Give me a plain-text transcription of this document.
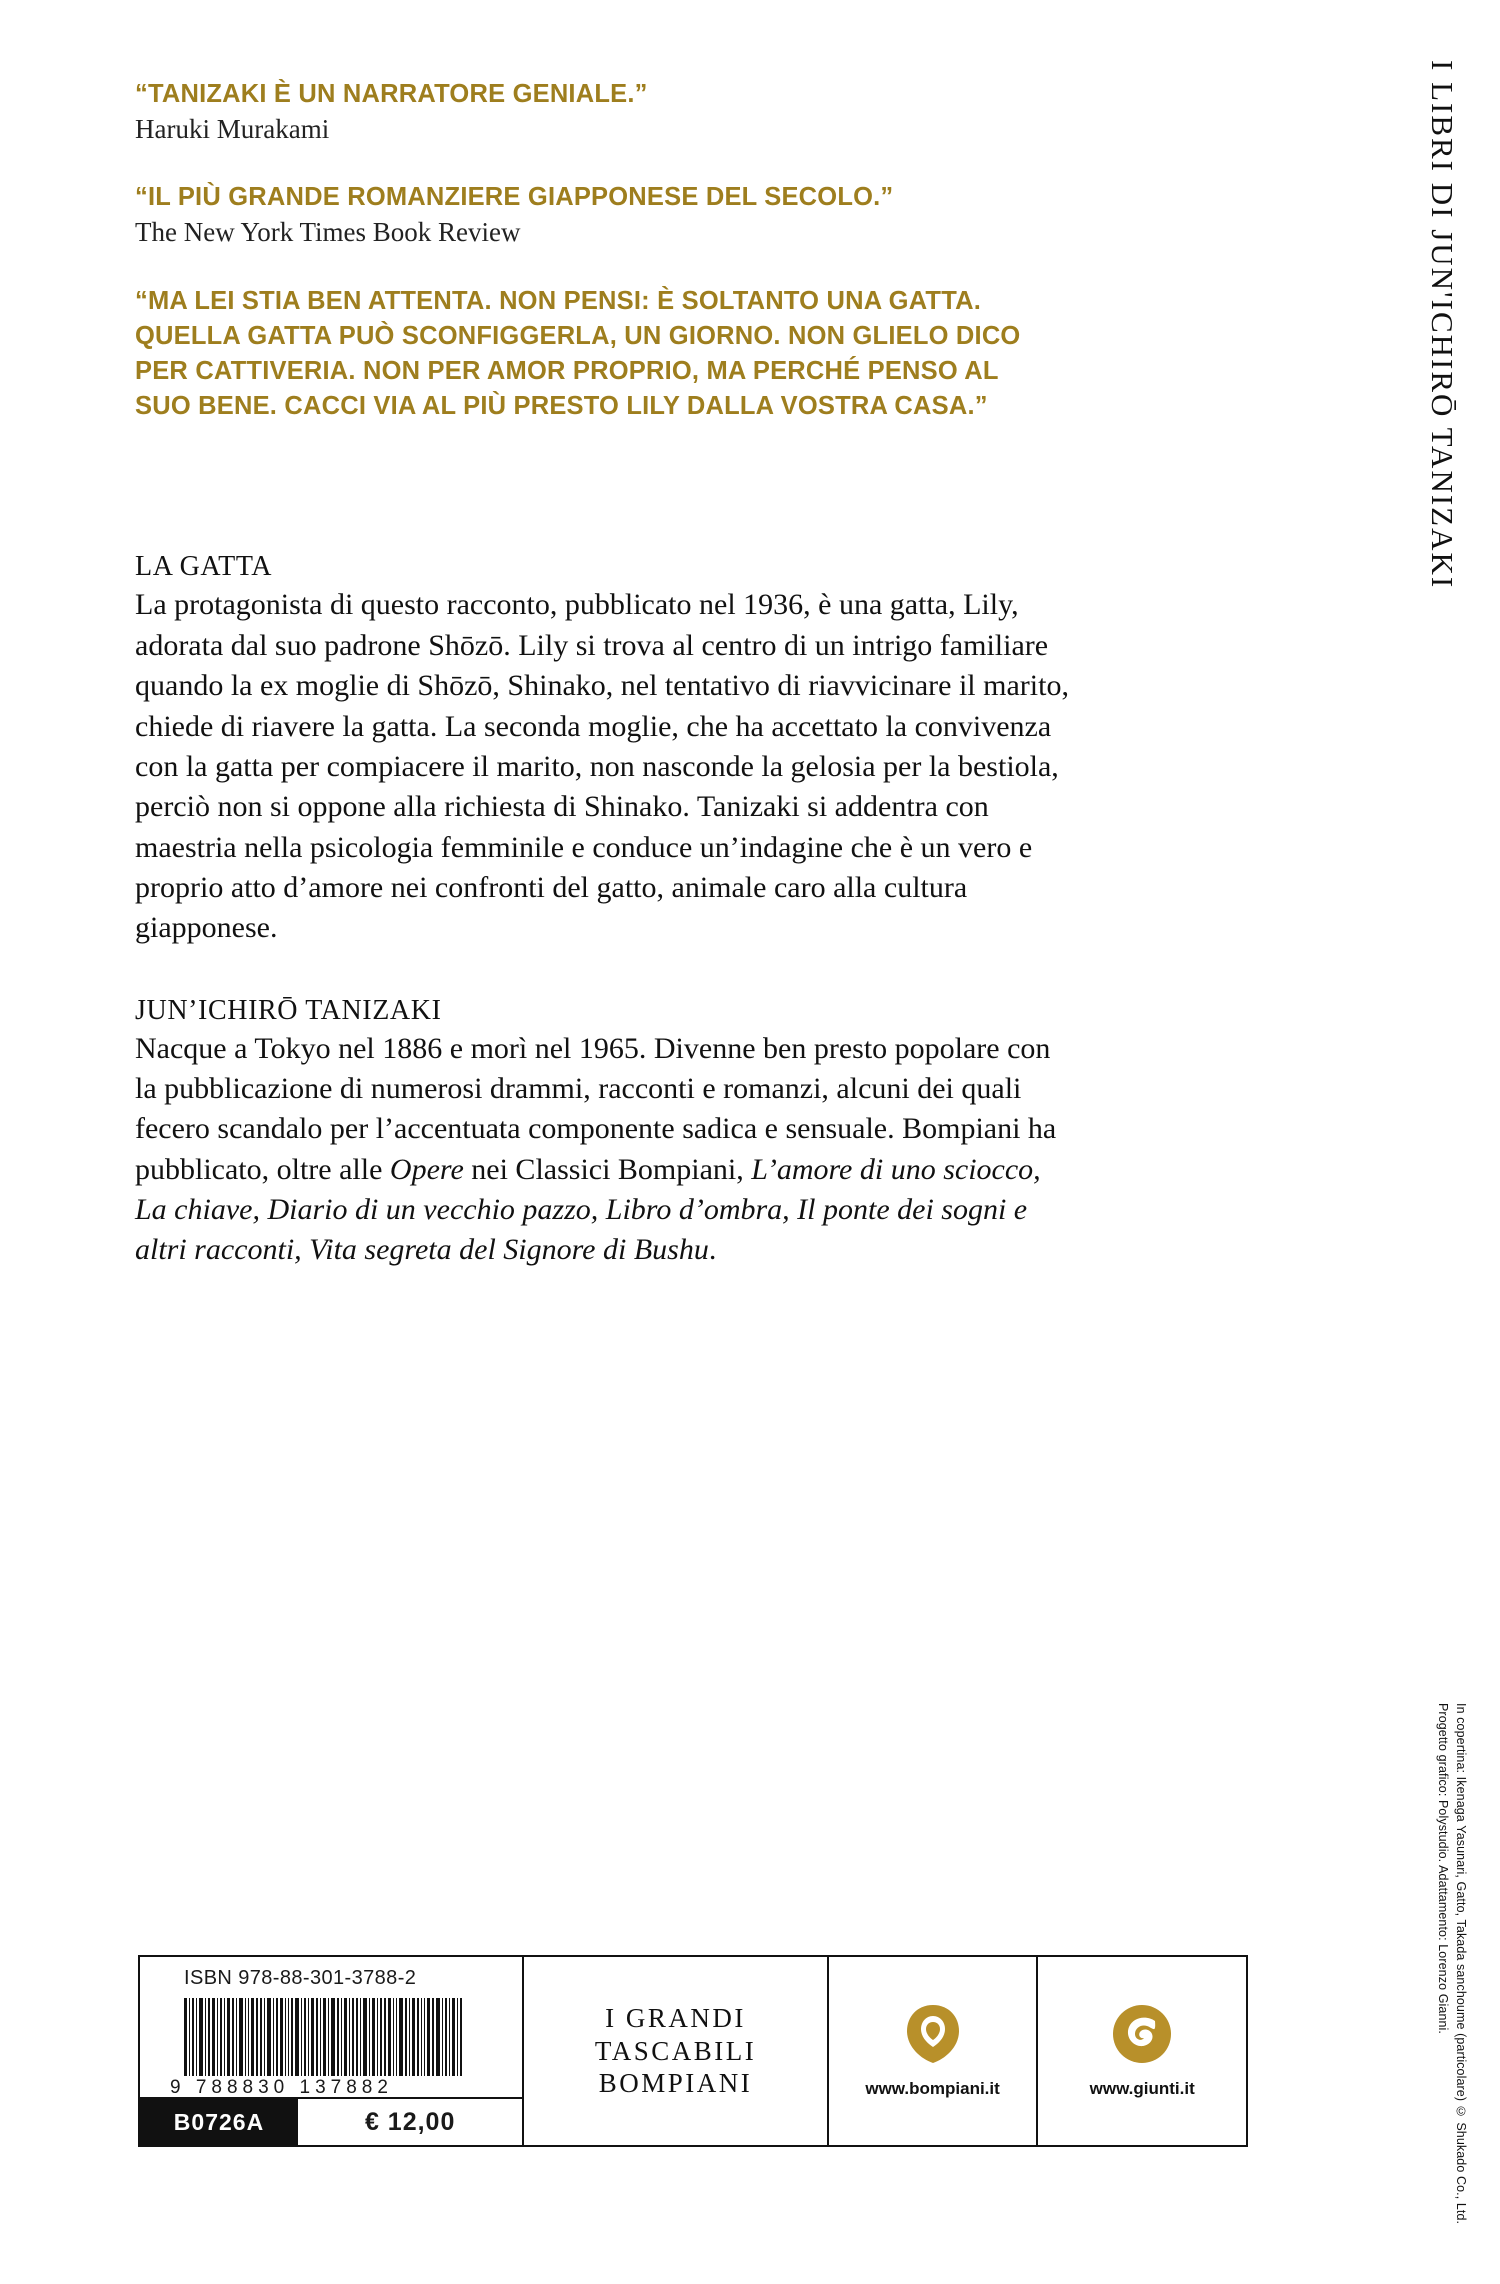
I LIBRI DI JUN'ICHIRŌ TANIZAKI
In copertina: Ikenaga Yasunari, Gatto, Takada sanchoume (particolare) © Shukado Co., Ltd.
Progetto grafico: Polystudio. Adattamento: Lorenzo Gianni.

“TANIZAKI È UN NARRATORE GENIALE.”

Haruki Murakami

“IL PIÙ GRANDE ROMANZIERE GIAPPONESE DEL SECOLO.”

The New York Times Book Review

“MA LEI STIA BEN ATTENTA. NON PENSI: È SOLTANTO UNA GATTA. QUELLA GATTA PUÒ SCONFIGGERLA, UN GIORNO. NON GLIELO DICO PER CATTIVERIA. NON PER AMOR PROPRIO, MA PERCHÉ PENSO AL SUO BENE. CACCI VIA AL PIÙ PRESTO LILY DALLA VOSTRA CASA.”

LA GATTA

La protagonista di questo racconto, pubblicato nel 1936, è una gatta, Lily, adorata dal suo padrone Shōzō. Lily si trova al centro di un intrigo familiare quando la ex moglie di Shōzō, Shinako, nel tentativo di riavvicinare il marito, chiede di riavere la gatta. La seconda moglie, che ha accettato la convivenza con la gatta per compiacere il marito, non nasconde la gelosia per la bestiola, perciò non si oppone alla richiesta di Shinako. Tanizaki si addentra con maestria nella psicologia femminile e conduce un’indagine che è un vero e proprio atto d’amore nei confronti del gatto, animale caro alla cultura giapponese.

JUN’ICHIRŌ TANIZAKI

Nacque a Tokyo nel 1886 e morì nel 1965. Divenne ben presto popolare con la pubblicazione di numerosi drammi, racconti e romanzi, alcuni dei quali fecero scandalo per l’accentuata componente sadica e sensuale. Bompiani ha pubblicato, oltre alle Opere nei Classici Bompiani, L’amore di uno sciocco, La chiave, Diario di un vecchio pazzo, Libro d’ombra, Il ponte dei sogni e altri racconti, Vita segreta del Signore di Bushu.

ISBN 978-88-301-3788-2
9 788830 137882
B0726A	€ 12,00
I GRANDI
TASCABILI
BOMPIANI	www.bompiani.it	www.giunti.it
